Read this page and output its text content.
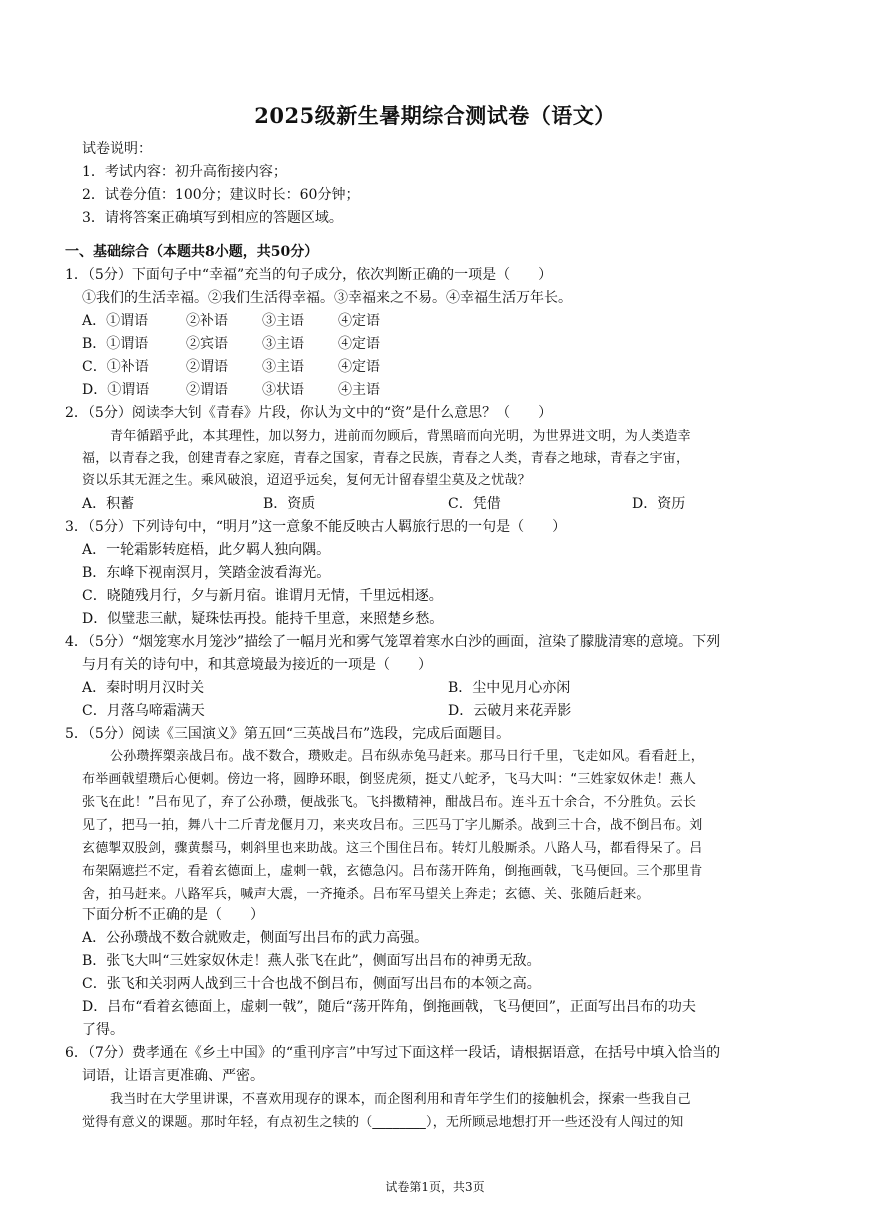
2025级新生暑期综合测试卷（语文）
试卷说明：
1．考试内容：初升高衔接内容；
2．试卷分值：100分；建议时长：60分钟；
3．请将答案正确填写到相应的答题区域。
一、基础综合（本题共8小题，共50分）
1．（5分）下面句子中“幸福”充当的句子成分，依次判断正确的一项是（　　）
①我们的生活幸福。②我们生活得幸福。③幸福来之不易。④幸福生活万年长。
A．①谓语	②补语 ③主语 ④定语
B．①谓语	②宾语 ③主语 ④定语
C．①补语	②谓语 ③主语 ④定语
D．①谓语	②谓语 ③状语 ④主语
2．（5分）阅读李大钊《青春》片段，你认为文中的“资”是什么意思？（　　）
青年循蹈乎此，本其理性，加以努力，进前而勿顾后，背黑暗而向光明，为世界进文明，为人类造幸
福，以青春之我，创建青春之家庭，青春之国家，青春之民族，青春之人类，青春之地球，青春之宇宙，
资以乐其无涯之生。乘风破浪，迢迢乎远矣，复何无计留春望尘莫及之忧哉？
A．积蓄	B．资质	C．凭借	D．资历
3．（5分）下列诗句中，“明月”这一意象不能反映古人羁旅行思的一句是（　　）
A．一轮霜影转庭梧，此夕羁人独向隅。
B．东峰下视南溟月，笑踏金波看海光。
C．晓随残月行，夕与新月宿。谁谓月无情，千里远相逐。
D．似璧悲三献，疑珠怯再投。能持千里意，来照楚乡愁。
4．（5分）“烟笼寒水月笼沙”描绘了一幅月光和雾气笼罩着寒水白沙的画面，渲染了朦胧清寒的意境。下列
与月有关的诗句中，和其意境最为接近的一项是（　　）
A．秦时明月汉时关	B．尘中见月心亦闲
C．月落乌啼霜满天	D．云破月来花弄影
5．（5分）阅读《三国演义》第五回“三英战吕布”选段，完成后面题目。
公孙瓒挥槊亲战吕布。战不数合，瓒败走。吕布纵赤兔马赶来。那马日行千里，飞走如风。看看赶上，
布举画戟望瓒后心便刺。傍边一将，圆睁环眼，倒竖虎须，挺丈八蛇矛，飞马大叫：“三姓家奴休走！燕人
张飞在此！”吕布见了，弃了公孙瓒，便战张飞。飞抖擞精神，酣战吕布。连斗五十余合，不分胜负。云长
见了，把马一拍，舞八十二斤青龙偃月刀，来夹攻吕布。三匹马丁字儿厮杀。战到三十合，战不倒吕布。刘
玄德掣双股剑，骤黄鬃马，刺斜里也来助战。这三个围住吕布。转灯儿般厮杀。八路人马，都看得呆了。吕
布架隔遮拦不定，看着玄德面上，虚刺一戟，玄德急闪。吕布荡开阵角，倒拖画戟，飞马便回。三个那里肯
舍，拍马赶来。八路军兵，喊声大震，一齐掩杀。吕布军马望关上奔走；玄德、关、张随后赶来。
下面分析不正确的是（　　）
A．公孙瓒战不数合就败走，侧面写出吕布的武力高强。
B．张飞大叫“三姓家奴休走！燕人张飞在此”，侧面写出吕布的神勇无敌。
C．张飞和关羽两人战到三十合也战不倒吕布，侧面写出吕布的本领之高。
D．吕布“看着玄德面上，虚刺一戟”，随后“荡开阵角，倒拖画戟，飞马便回”，正面写出吕布的功夫
了得。
6．（7分）费孝通在《乡土中国》的“重刊序言”中写过下面这样一段话，请根据语意，在括号中填入恰当的
词语，让语言更准确、严密。
我当时在大学里讲课，不喜欢用现存的课本，而企图利用和青年学生们的接触机会，探索一些我自己
觉得有意义的课题。那时年轻，有点初生之犊的（________），无所顾忌地想打开一些还没有人闯过的知
试卷第1页，共3页
